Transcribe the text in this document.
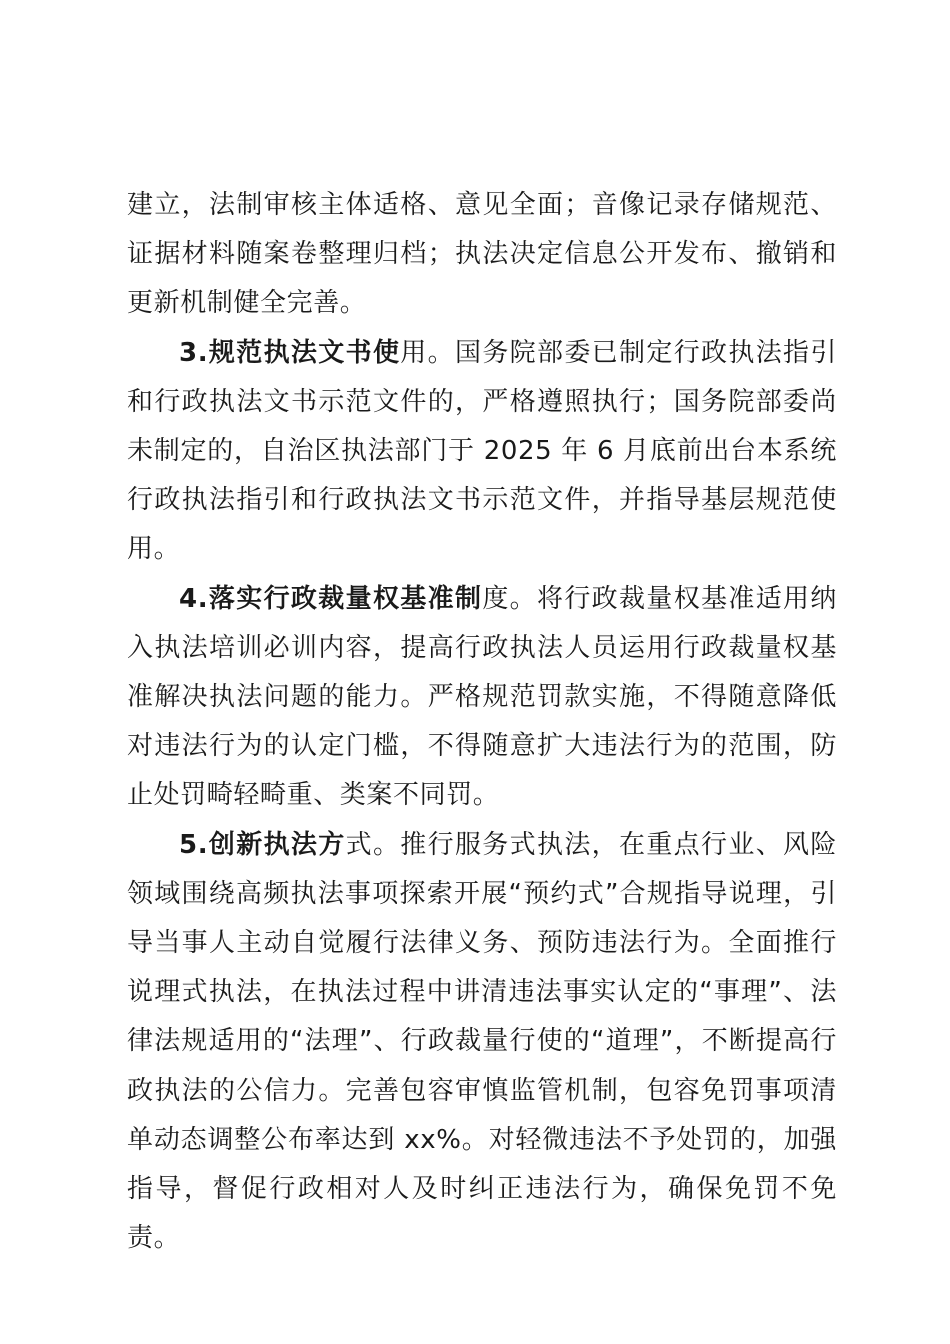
建立，法制审核主体适格、意见全面；音像记录存储规范、证据材料随案卷整理归档；执法决定信息公开发布、撤销和更新机制健全完善。

3.规范执法文书使用。国务院部委已制定行政执法指引和行政执法文书示范文件的，严格遵照执行；国务院部委尚未制定的，自治区执法部门于 2025 年 6 月底前出台本系统行政执法指引和行政执法文书示范文件，并指导基层规范使用。

4.落实行政裁量权基准制度。将行政裁量权基准适用纳入执法培训必训内容，提高行政执法人员运用行政裁量权基准解决执法问题的能力。严格规范罚款实施，不得随意降低对违法行为的认定门槛，不得随意扩大违法行为的范围，防止处罚畸轻畸重、类案不同罚。

5.创新执法方式。推行服务式执法，在重点行业、风险领域围绕高频执法事项探索开展“预约式”合规指导说理，引导当事人主动自觉履行法律义务、预防违法行为。全面推行说理式执法，在执法过程中讲清违法事实认定的“事理”、法律法规适用的“法理”、行政裁量行使的“道理”，不断提高行政执法的公信力。完善包容审慎监管机制，包容免罚事项清单动态调整公布率达到 xx%。对轻微违法不予处罚的，加强指导，督促行政相对人及时纠正违法行为，确保免罚不免责。
